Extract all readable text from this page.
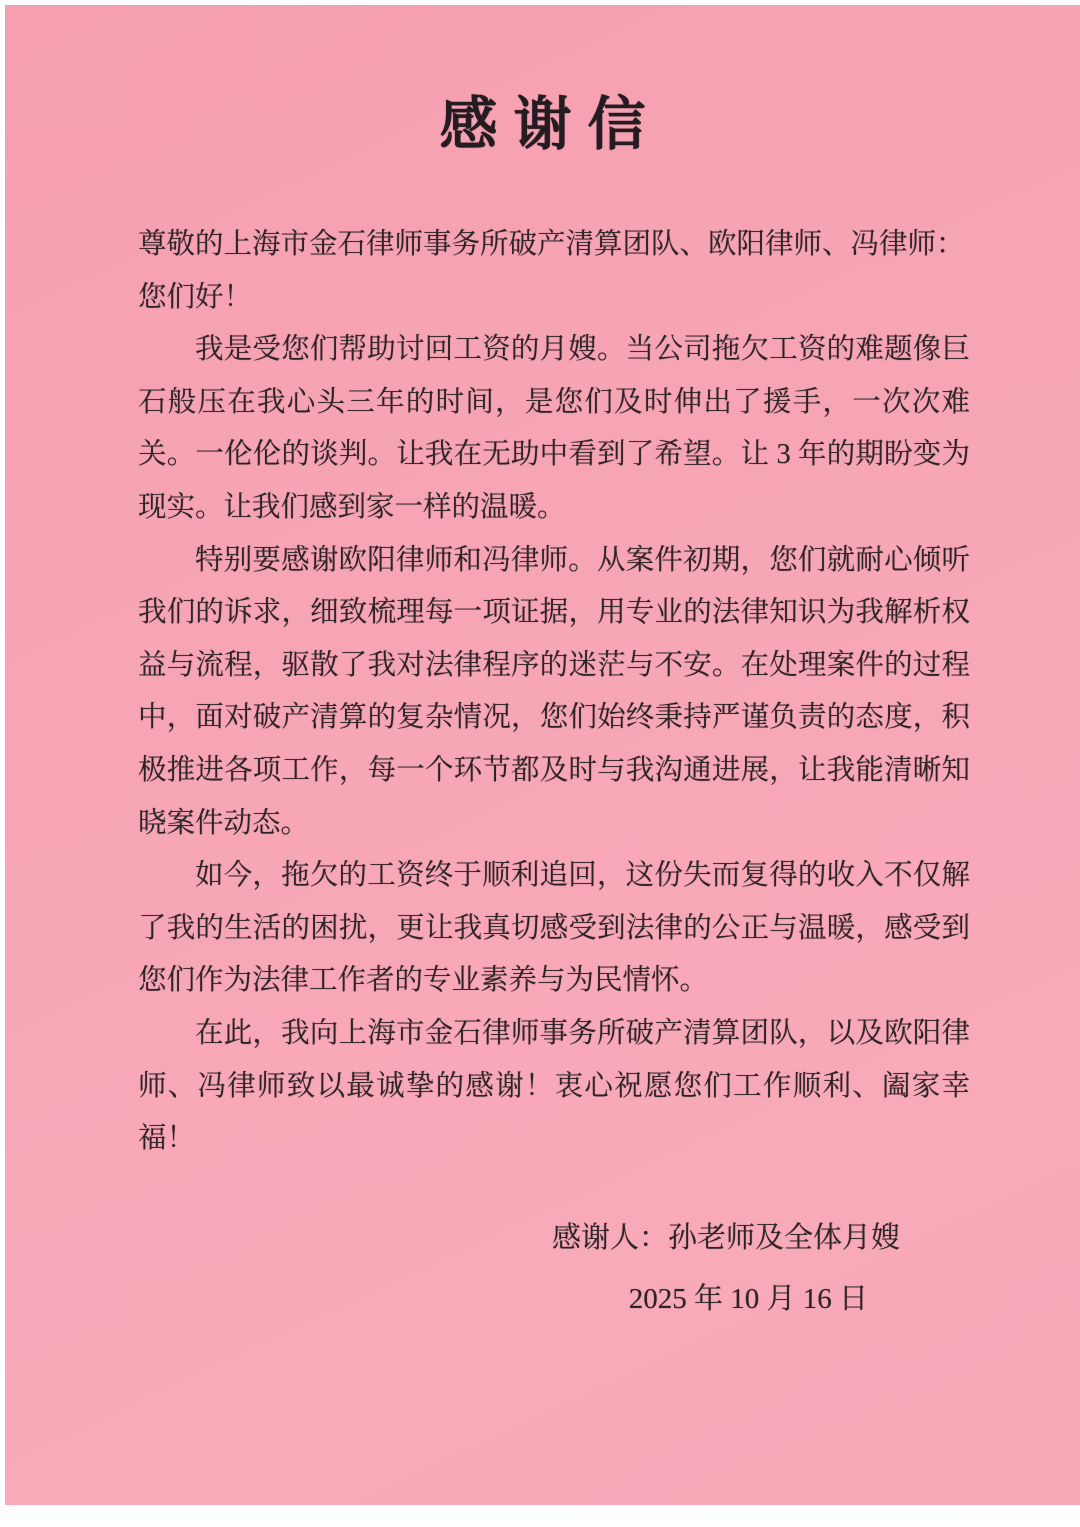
感谢信

尊敬的上海市金石律师事务所破产清算团队、欧阳律师、冯律师：

您们好！

我是受您们帮助讨回工资的月嫂。当公司拖欠工资的难题像巨石般压在我心头三年的时间，是您们及时伸出了援手，一次次难关。一伦伦的谈判。让我在无助中看到了希望。让 3 年的期盼变为现实。让我们感到家一样的温暖。

特别要感谢欧阳律师和冯律师。从案件初期，您们就耐心倾听我们的诉求，细致梳理每一项证据，用专业的法律知识为我解析权益与流程，驱散了我对法律程序的迷茫与不安。在处理案件的过程中，面对破产清算的复杂情况，您们始终秉持严谨负责的态度，积极推进各项工作，每一个环节都及时与我沟通进展，让我能清晰知晓案件动态。

如今，拖欠的工资终于顺利追回，这份失而复得的收入不仅解了我的生活的困扰，更让我真切感受到法律的公正与温暖，感受到您们作为法律工作者的专业素养与为民情怀。

在此，我向上海市金石律师事务所破产清算团队，以及欧阳律师、冯律师致以最诚挚的感谢！衷心祝愿您们工作顺利、阖家幸福！

感谢人：孙老师及全体月嫂

2025 年 10 月 16 日
